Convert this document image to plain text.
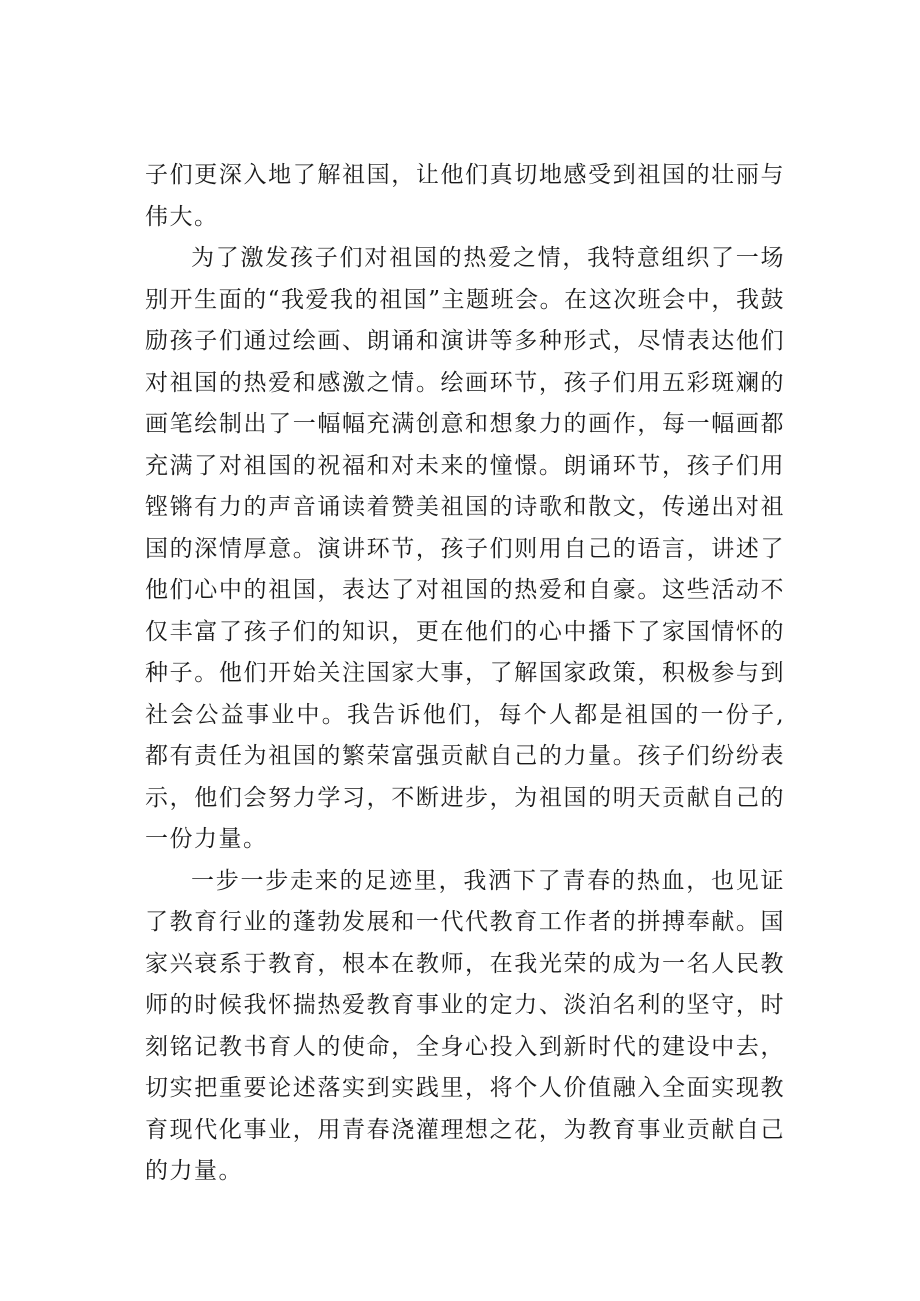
子们更深入地了解祖国，让他们真切地感受到祖国的壮丽与伟大。

为了激发孩子们对祖国的热爱之情，我特意组织了一场别开生面的“我爱我的祖国”主题班会。在这次班会中，我鼓励孩子们通过绘画、朗诵和演讲等多种形式，尽情表达他们对祖国的热爱和感激之情。绘画环节，孩子们用五彩斑斓的画笔绘制出了一幅幅充满创意和想象力的画作，每一幅画都充满了对祖国的祝福和对未来的憧憬。朗诵环节，孩子们用铿锵有力的声音诵读着赞美祖国的诗歌和散文，传递出对祖国的深情厚意。演讲环节，孩子们则用自己的语言，讲述了他们心中的祖国，表达了对祖国的热爱和自豪。这些活动不仅丰富了孩子们的知识，更在他们的心中播下了家国情怀的种子。他们开始关注国家大事，了解国家政策，积极参与到社会公益事业中。我告诉他们，每个人都是祖国的一份子,都有责任为祖国的繁荣富强贡献自己的力量。孩子们纷纷表示，他们会努力学习，不断进步，为祖国的明天贡献自己的一份力量。

一步一步走来的足迹里，我洒下了青春的热血，也见证了教育行业的蓬勃发展和一代代教育工作者的拼搏奉献。国家兴衰系于教育，根本在教师，在我光荣的成为一名人民教师的时候我怀揣热爱教育事业的定力、淡泊名利的坚守，时刻铭记教书育人的使命，全身心投入到新时代的建设中去，切实把重要论述落实到实践里，将个人价值融入全面实现教育现代化事业，用青春浇灌理想之花，为教育事业贡献自己的力量。
